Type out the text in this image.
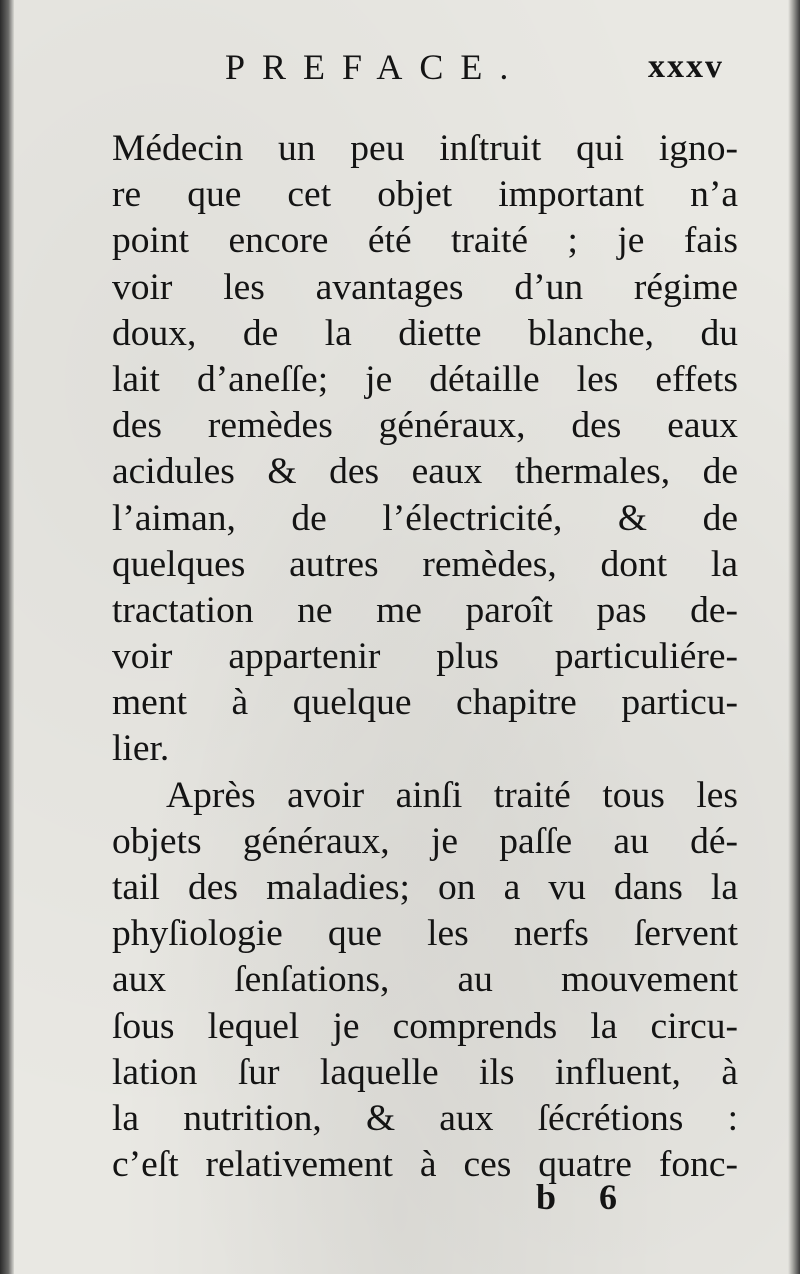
PREFACE.	xxxv
Médecin un peu inſtruit qui igno-
re que cet objet important n’a
point encore été traité ; je fais
voir les avantages d’un régime
doux, de la diette blanche, du
lait d’aneſſe; je détaille les effets
des remèdes généraux, des eaux
acidules & des eaux thermales, de
l’aiman, de l’électricité, & de
quelques autres remèdes, dont la
tractation ne me paroît pas de-
voir appartenir plus particuliére-
ment à quelque chapitre particu-
lier.
Après avoir ainſi traité tous les
objets généraux, je paſſe au dé-
tail des maladies; on a vu dans la
phyſiologie que les nerfs ſervent
aux ſenſations, au mouvement
ſous lequel je comprends la circu-
lation ſur laquelle ils influent, à
la nutrition, & aux ſécrétions :
c’eſt relativement à ces quatre fonc-
b 6
